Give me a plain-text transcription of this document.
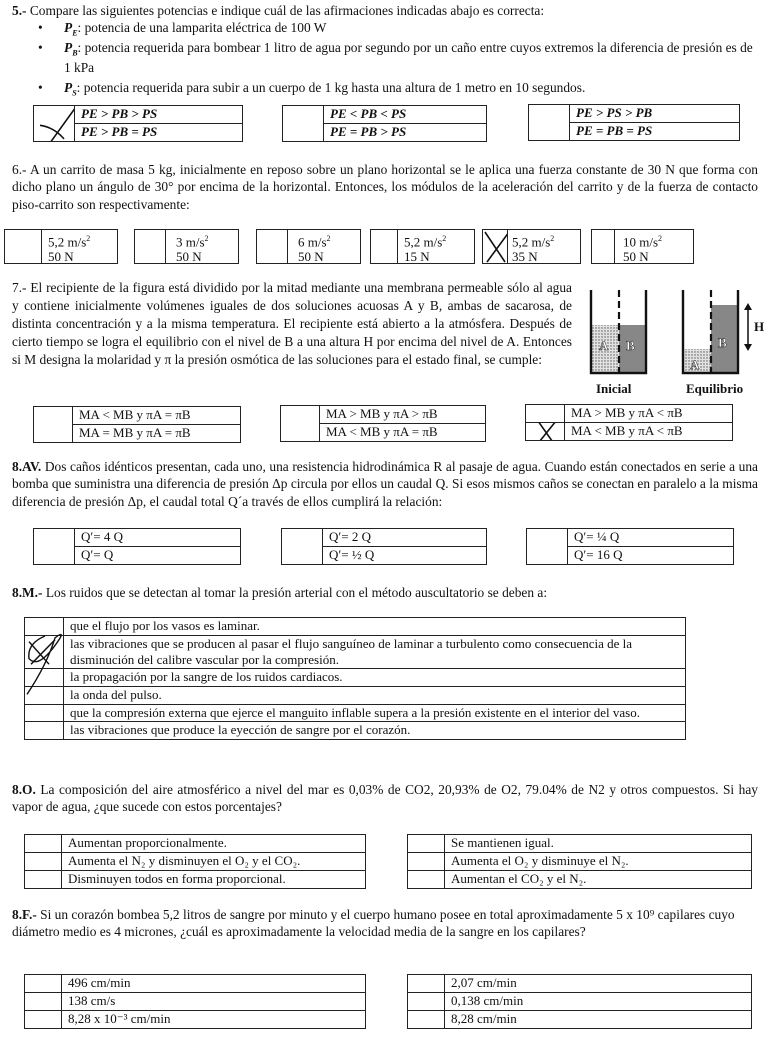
5.- Compare las siguientes potencias e indique cuál de las afirmaciones indicadas abajo es correcta:
• $P_E$: potencia de una lamparita eléctrica de 100 W
• $P_B$: potencia requerida para bombear 1 litro de agua por segundo por un caño entre cuyos extremos la diferencia de presión es de 1 kPa
• $P_S$: potencia requerida para subir a un cuerpo de 1 kg hasta una altura de 1 metro en 10 segundos.
	PE > PB > PS
PE > PB = PS
	PE < PB < PS
PE = PB > PS
	PE > PS > PB
PE = PB = PS
6.- A un carrito de masa 5 kg, inicialmente en reposo sobre un plano horizontal se le aplica una fuerza constante de 30 N que forma con dicho plano un ángulo de 30° por encima de la horizontal. Entonces, los módulos de la aceleración del carrito y de la fuerza de contacto piso-carrito son respectivamente:
5,2 $m/s^2$
50 N
3 $m/s^2$
50 N
6 $m/s^2$
50 N
5,2 $m/s^2$
15 N
5,2 $m/s^2$
35 N
10 $m/s^2$
50 N
7.- El recipiente de la figura está dividido por la mitad mediante una membrana permeable sólo al agua y contiene inicialmente volúmenes iguales de dos soluciones acuosas A y B, ambas de sacarosa, de distinta concentración y a la misma temperatura. El recipiente está abierto a la atmósfera. Después de cierto tiempo se logra el equilibrio con el nivel de B a una altura H por encima del nivel de A. Entonces si M designa la molaridad y π la presión osmótica de las soluciones para el estado final, se cumple:
A B
A
B
H
Inicial	Equilibrio
	MA < MB y πA = πB
MA = MB y πA = πB
	MA > MB y πA > πB
MA < MB y πA = πB
	MA > MB y πA < πB

	MA < MB y πA < πB
8.AV. Dos caños idénticos presentan, cada uno, una resistencia hidrodinámica R al pasaje de agua. Cuando están conectados en serie a una bomba que suministra una diferencia de presión Δp circula por ellos un caudal Q. Si esos mismos caños se conectan en paralelo a la misma diferencia de presión Δp, el caudal total Q´a través de ellos cumplirá la relación:
	Q′= 4 Q
Q′= Q
	Q′= 2 Q
Q′= ½ Q
	Q′= ¼ Q
Q′= 16 Q
8.M.- Los ruidos que se detectan al tomar la presión arterial con el método auscultatorio se deben a:
	que el flujo por los vasos es laminar.

	las vibraciones que se producen al pasar el flujo sanguíneo de laminar a turbulento como consecuencia de la disminución del calibre vascular por la compresión.
	la propagación por la sangre de los ruidos cardiacos.
	la onda del pulso.
	que la compresión externa que ejerce el manguito inflable supera a la presión existente en el interior del vaso.
	las vibraciones que produce la eyección de sangre por el corazón.
8.O. La composición del aire atmosférico a nivel del mar es 0,03% de CO2, 20,93% de O2, 79.04% de N2 y otros compuestos. Si hay vapor de agua, ¿que sucede con estos porcentajes?
	Aumentan proporcionalmente.
	Aumenta el N₂ y disminuyen el O₂ y el CO₂.
	Disminuyen todos en forma proporcional.
	Se mantienen igual.
	Aumenta el O₂ y disminuye el N₂.
	Aumentan el CO₂ y el N₂.
8.F.- Si un corazón bombea 5,2 litros de sangre por minuto y el cuerpo humano posee en total aproximadamente 5 x 10⁹ capilares cuyo diámetro medio es 4 micrones, ¿cuál es aproximadamente la velocidad media de la sangre en los capilares?
	496 cm/min
	138 cm/s
	8,28 x 10⁻³ cm/min
	2,07 cm/min
	0,138 cm/min
	8,28 cm/min
